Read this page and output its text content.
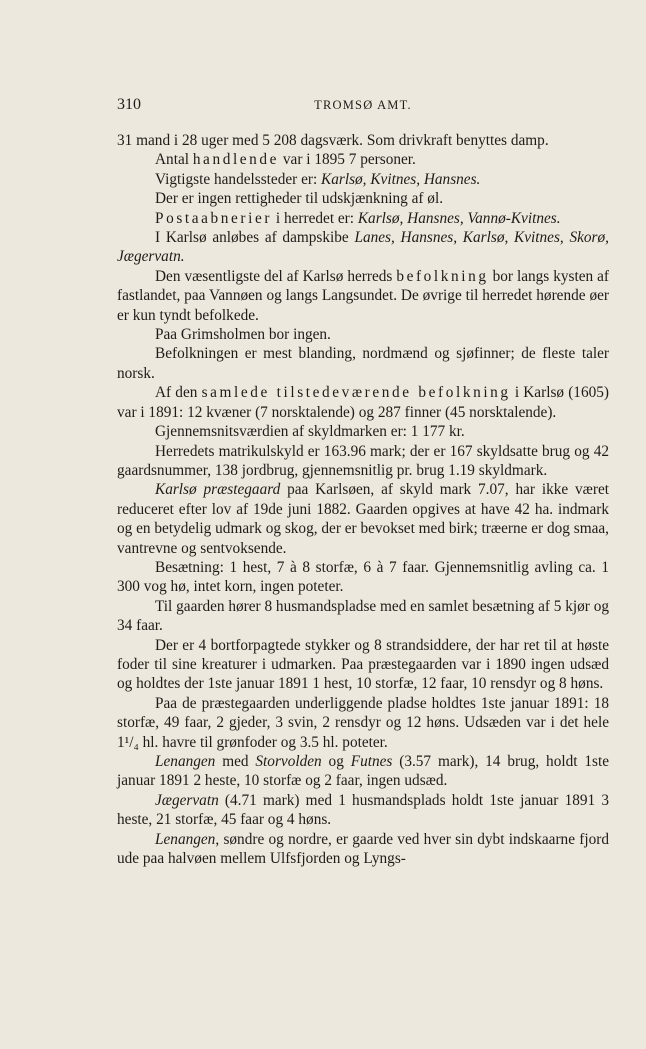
310	TROMSØ AMT.

31 mand i 28 uger med 5 208 dagsværk. Som drivkraft benyttes damp.

Antal handlende var i 1895 7 personer.

Vigtigste handelssteder er: Karlsø, Kvitnes, Hansnes.

Der er ingen rettigheder til udskjænkning af øl.

Postaabnerier i herredet er: Karlsø, Hansnes, Vannø-Kvitnes.

I Karlsø anløbes af dampskibe Lanes, Hansnes, Karlsø, Kvitnes, Skorø, Jægervatn.

Den væsentligste del af Karlsø herreds befolkning bor langs kysten af fastlandet, paa Vannøen og langs Langsundet. De øvrige til herredet hørende øer er kun tyndt befolkede.

Paa Grimsholmen bor ingen.

Befolkningen er mest blanding, nordmænd og sjøfinner; de fleste taler norsk.

Af den samlede tilstedeværende befolkning i Karlsø (1605) var i 1891: 12 kvæner (7 norsktalende) og 287 finner (45 norsktalende).

Gjennemsnitsværdien af skyldmarken er: 1 177 kr.

Herredets matrikulskyld er 163.96 mark; der er 167 skyldsatte brug og 42 gaardsnummer, 138 jordbrug, gjennemsnitlig pr. brug 1.19 skyldmark.

Karlsø præstegaard paa Karlsøen, af skyld mark 7.07, har ikke været reduceret efter lov af 19de juni 1882. Gaarden opgives at have 42 ha. indmark og en betydelig udmark og skog, der er bevokset med birk; træerne er dog smaa, vantrevne og sentvoksende.

Besætning: 1 hest, 7 à 8 storfæ, 6 à 7 faar. Gjennemsnitlig avling ca. 1 300 vog hø, intet korn, ingen poteter.

Til gaarden hører 8 husmandspladse med en samlet besætning af 5 kjør og 34 faar.

Der er 4 bortforpagtede stykker og 8 strandsiddere, der har ret til at høste foder til sine kreaturer i udmarken. Paa præstegaarden var i 1890 ingen udsæd og holdtes der 1ste januar 1891 1 hest, 10 storfæ, 12 faar, 10 rensdyr og 8 høns.

Paa de præstegaarden underliggende pladse holdtes 1ste januar 1891: 18 storfæ, 49 faar, 2 gjeder, 3 svin, 2 rensdyr og 12 høns. Udsæden var i det hele 1¹/₄ hl. havre til grønfoder og 3.5 hl. poteter.

Lenangen med Storvolden og Futnes (3.57 mark), 14 brug, holdt 1ste januar 1891 2 heste, 10 storfæ og 2 faar, ingen udsæd.

Jægervatn (4.71 mark) med 1 husmandsplads holdt 1ste januar 1891 3 heste, 21 storfæ, 45 faar og 4 høns.

Lenangen, søndre og nordre, er gaarde ved hver sin dybt indskaarne fjord ude paa halvøen mellem Ulfsfjorden og Lyngs-
